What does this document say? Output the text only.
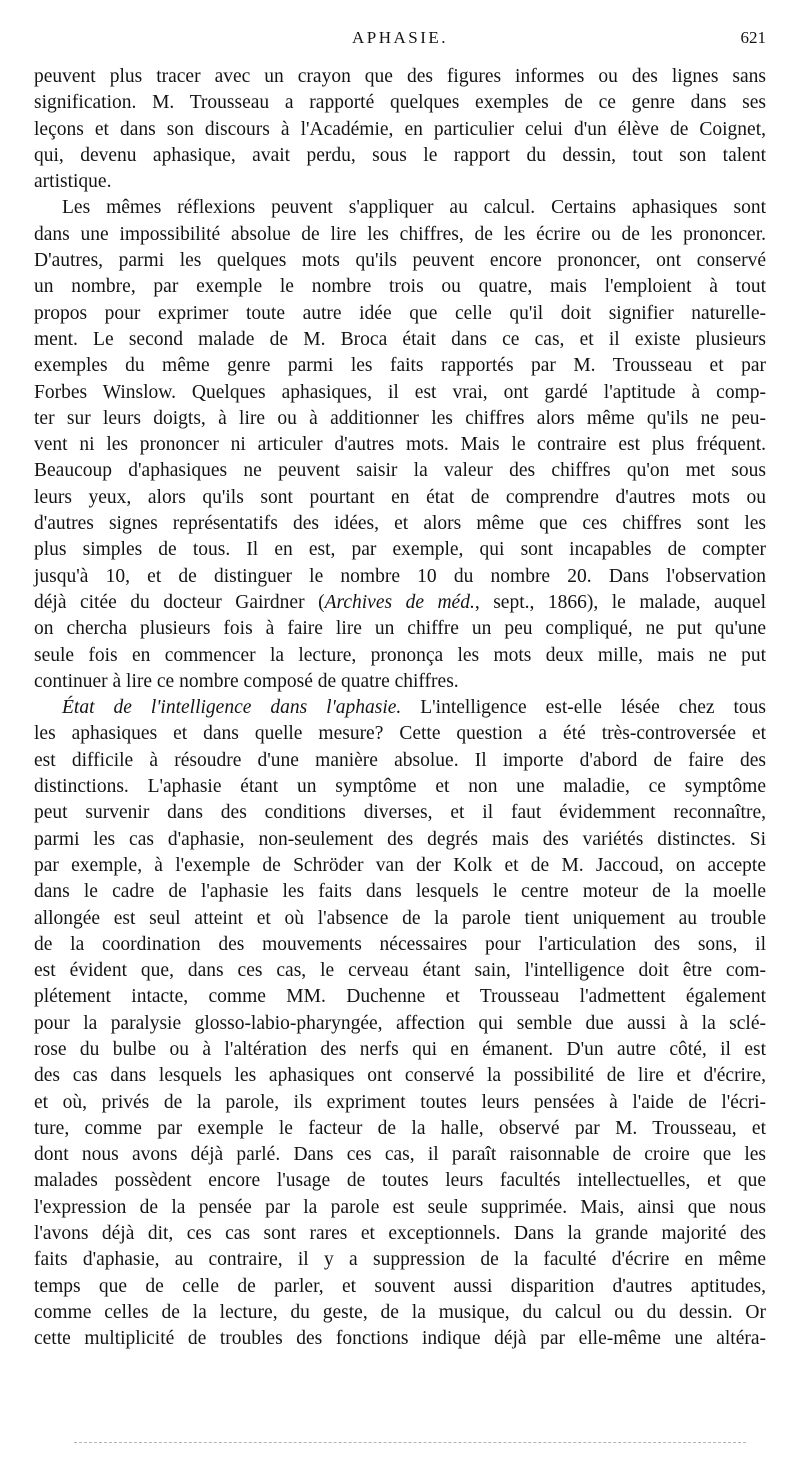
APHASIE.	621
peuvent plus tracer avec un crayon que des figures informes ou des lignes sans
signification. M. Trousseau a rapporté quelques exemples de ce genre dans ses
leçons et dans son discours à l'Académie, en particulier celui d'un élève de Coignet,
qui, devenu aphasique, avait perdu, sous le rapport du dessin, tout son talent
artistique.
Les mêmes réflexions peuvent s'appliquer au calcul. Certains aphasiques sont
dans une impossibilité absolue de lire les chiffres, de les écrire ou de les prononcer.
D'autres, parmi les quelques mots qu'ils peuvent encore prononcer, ont conservé
un nombre, par exemple le nombre trois ou quatre, mais l'emploient à tout
propos pour exprimer toute autre idée que celle qu'il doit signifier naturelle-
ment. Le second malade de M. Broca était dans ce cas, et il existe plusieurs
exemples du même genre parmi les faits rapportés par M. Trousseau et par
Forbes Winslow. Quelques aphasiques, il est vrai, ont gardé l'aptitude à comp-
ter sur leurs doigts, à lire ou à additionner les chiffres alors même qu'ils ne peu-
vent ni les prononcer ni articuler d'autres mots. Mais le contraire est plus fréquent.
Beaucoup d'aphasiques ne peuvent saisir la valeur des chiffres qu'on met sous
leurs yeux, alors qu'ils sont pourtant en état de comprendre d'autres mots ou
d'autres signes représentatifs des idées, et alors même que ces chiffres sont les
plus simples de tous. Il en est, par exemple, qui sont incapables de compter
jusqu'à 10, et de distinguer le nombre 10 du nombre 20. Dans l'observation
déjà citée du docteur Gairdner (Archives de méd., sept., 1866), le malade, auquel
on chercha plusieurs fois à faire lire un chiffre un peu compliqué, ne put qu'une
seule fois en commencer la lecture, prononça les mots deux mille, mais ne put
continuer à lire ce nombre composé de quatre chiffres.
État de l'intelligence dans l'aphasie. L'intelligence est-elle lésée chez tous
les aphasiques et dans quelle mesure? Cette question a été très-controversée et
est difficile à résoudre d'une manière absolue. Il importe d'abord de faire des
distinctions. L'aphasie étant un symptôme et non une maladie, ce symptôme
peut survenir dans des conditions diverses, et il faut évidemment reconnaître,
parmi les cas d'aphasie, non-seulement des degrés mais des variétés distinctes. Si
par exemple, à l'exemple de Schröder van der Kolk et de M. Jaccoud, on accepte
dans le cadre de l'aphasie les faits dans lesquels le centre moteur de la moelle
allongée est seul atteint et où l'absence de la parole tient uniquement au trouble
de la coordination des mouvements nécessaires pour l'articulation des sons, il
est évident que, dans ces cas, le cerveau étant sain, l'intelligence doit être com-
plétement intacte, comme MM. Duchenne et Trousseau l'admettent également
pour la paralysie glosso-labio-pharyngée, affection qui semble due aussi à la sclé-
rose du bulbe ou à l'altération des nerfs qui en émanent. D'un autre côté, il est
des cas dans lesquels les aphasiques ont conservé la possibilité de lire et d'écrire,
et où, privés de la parole, ils expriment toutes leurs pensées à l'aide de l'écri-
ture, comme par exemple le facteur de la halle, observé par M. Trousseau, et
dont nous avons déjà parlé. Dans ces cas, il paraît raisonnable de croire que les
malades possèdent encore l'usage de toutes leurs facultés intellectuelles, et que
l'expression de la pensée par la parole est seule supprimée. Mais, ainsi que nous
l'avons déjà dit, ces cas sont rares et exceptionnels. Dans la grande majorité des
faits d'aphasie, au contraire, il y a suppression de la faculté d'écrire en même
temps que de celle de parler, et souvent aussi disparition d'autres aptitudes,
comme celles de la lecture, du geste, de la musique, du calcul ou du dessin. Or
cette multiplicité de troubles des fonctions indique déjà par elle-même une altéra-
